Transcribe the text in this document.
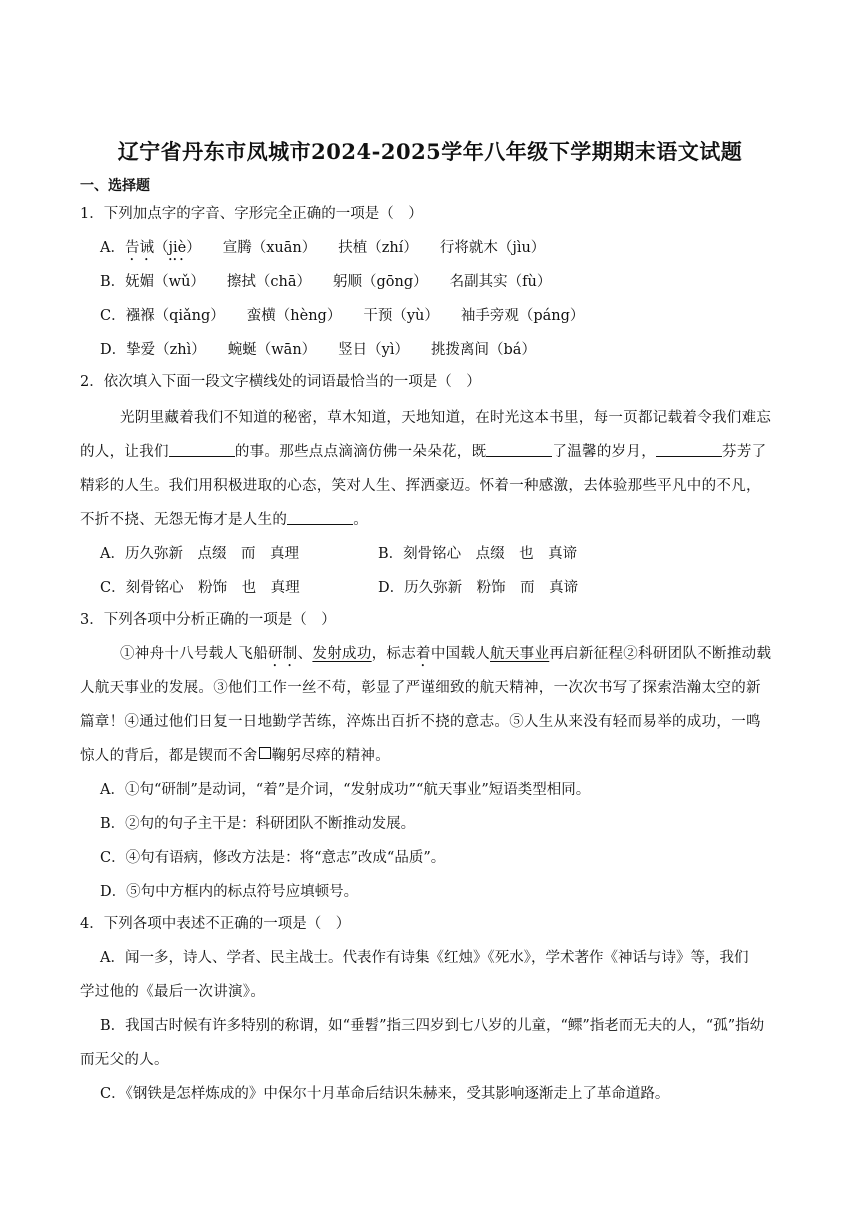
辽宁省丹东市凤城市2024-2025学年八年级下学期期末语文试题
一、选择题
1．下列加点字的字音、字形完全正确的一项是（　）
A．告诫（jiè） 宣腾（xuān） 扶植（zhí） 行将就木（jìu）
B．妩媚（wǔ） 擦拭（chā） 躬顺（gōng） 名副其实（fù）
C．襁褓（qiǎng） 蛮横（hèng） 干预（yù） 袖手旁观（páng）
D．挚爱（zhì） 蜿蜒（wān） 竖日（yì） 挑拨离间（bá）
2．依次填入下面一段文字横线处的词语最恰当的一项是（　）
光阴里藏着我们不知道的秘密，草木知道，天地知道，在时光这本书里，每一页都记载着令我们难忘
的人，让我们	的事。那些点点滴滴仿佛一朵朵花，既	了温馨的岁月，	芬芳了
精彩的人生。我们用积极进取的心态，笑对人生、挥洒豪迈。怀着一种感激，去体验那些平凡中的不凡，
不折不挠、无怨无悔才是人生的	。
A．历久弥新　点缀　而　真理	B．刻骨铭心　点缀　也　真谛
C．刻骨铭心　粉饰　也　真理	D．历久弥新　粉饰　而　真谛
3．下列各项中分析正确的一项是（　）
①神舟十八号载人飞船研制、发射成功，标志着中国载人航天事业再启新征程②科研团队不断推动载
人航天事业的发展。③他们工作一丝不苟，彰显了严谨细致的航天精神，一次次书写了探索浩瀚太空的新
篇章！④通过他们日复一日地勤学苦练，淬炼出百折不挠的意志。⑤人生从来没有轻而易举的成功，一鸣
惊人的背后，都是锲而不舍 鞠躬尽瘁的精神。
A．①句“研制”是动词，“着”是介词，“发射成功”“航天事业”短语类型相同。
B．②句的句子主干是：科研团队不断推动发展。
C．④句有语病，修改方法是：将“意志”改成“品质”。
D．⑤句中方框内的标点符号应填顿号。
4．下列各项中表述不正确的一项是（　）
A．闻一多，诗人、学者、民主战士。代表作有诗集《红烛》《死水》，学术著作《神话与诗》等，我们
学过他的《最后一次讲演》。
B．我国古时候有许多特别的称谓，如“垂髫”指三四岁到七八岁的儿童，“鳏”指老而无夫的人，“孤”指幼
而无父的人。
C．《钢铁是怎样炼成的》中保尔十月革命后结识朱赫来，受其影响逐渐走上了革命道路。
